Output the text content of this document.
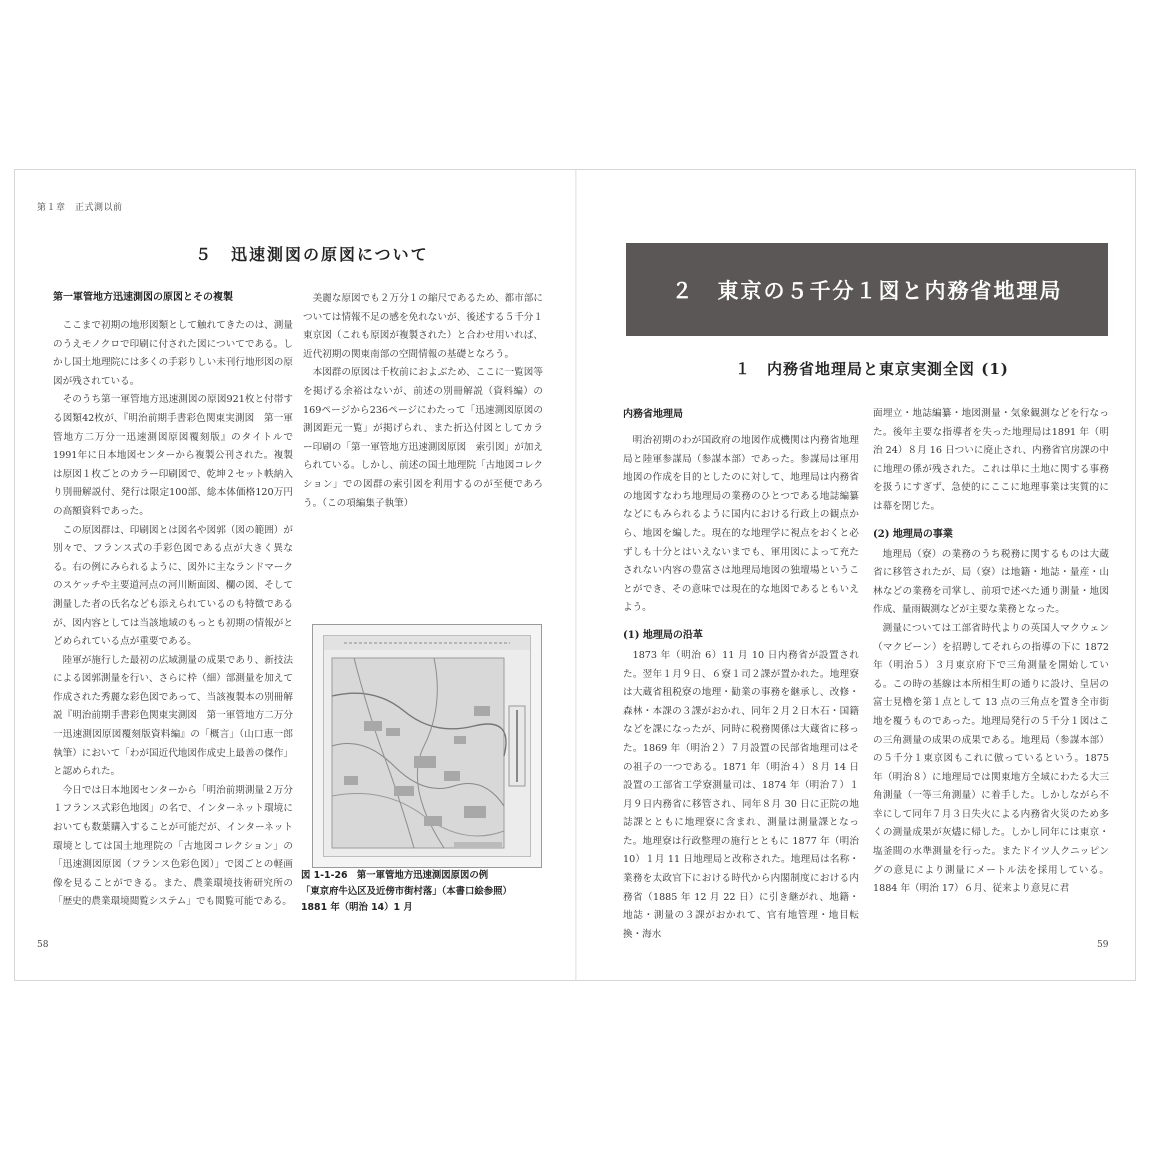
第１章　正式測以前
５　迅速測図の原図について
第一軍管地方迅速測図の原図とその複製

ここまで初期の地形図類として触れてきたのは、測量のうえモノクロで印刷に付された図についてである。しかし国土地理院には多くの手彩りしい未刊行地形図の原図が残されている。

そのうち第一軍管地方迅速測図の原図921枚と付帯する図類42枚が、『明治前期手書彩色関東実測図　第一軍管地方二万分一迅速測図原図覆刻版』のタイトルで1991年に日本地図センターから複製公刊された。複製は原図１枚ごとのカラー印刷図で、乾坤２セット帙納入り別冊解説付、発行は限定100部、総本体価格120万円の高額資料であった。

この原図群は、印刷図とは図名や図郭（図の範囲）が別々で、フランス式の手彩色図である点が大きく異なる。右の例にみられるように、図外に主なランドマークのスケッチや主要道河点の河川断面図、欄の図、そして測量した者の氏名なども添えられているのも特徴であるが、図内容としては当該地域のもっとも初期の情報がとどめられている点が重要である。

陸軍が施行した最初の広域測量の成果であり、新技法による図郭測量を行い、さらに枠（細）部測量を加えて作成された秀麗な彩色図であって、当該複製本の別冊解説『明治前期手書彩色関東実測図　第一軍管地方二万分一迅速測図原図覆刻版資料編』の「概言」（山口恵一郎執筆）において「わが国近代地図作成史上最善の傑作」と認められた。

今日では日本地図センターから「明治前期測量２万分１フランス式彩色地図」の名で、インターネット環境においても数葉購入することが可能だが、インターネット環境としては国土地理院の「古地図コレクション」の「迅速測図原図（フランス色彩色図）」で図ごとの軽画像を見ることができる。また、農業環境技術研究所の「歴史的農業環境閲覧システム」でも閲覧可能である。

美麗な原図でも２万分１の縮尺であるため、都市部については情報不足の感を免れないが、後述する５千分１東京図（これも原図が複製された）と合わせ用いれば、近代初期の関東南部の空間情報の基礎となろう。

本図群の原図は千枚前におよぶため、ここに一覧図等を掲げる余裕はないが、前述の別冊解説（資料編）の169ページから236ページにわたって「迅速測図原図の測図距元一覧」が掲げられ、また折込付図としてカラー印刷の「第一軍管地方迅速測図原図　索引図」が加えられている。しかし、前述の国土地理院「古地図コレクション」での図群の索引図を利用するのが至便であろう。（この項編集子執筆）

図 1-1-26　第一軍管地方迅速測図原図の例
「東京府牛込区及近傍市街村落」（本書口絵参照）
1881 年（明治 14）1 月
58
２　東京の５千分１図と内務省地理局
１　内務省地理局と東京実測全図 (1)
内務省地理局

明治初期のわが国政府の地図作成機関は内務省地理局と陸軍参謀局（参謀本部）であった。参謀局は軍用地図の作成を目的としたのに対して、地理局は内務省の地図すなわち地理局の業務のひとつである地誌編纂などにもみられるように国内における行政上の観点から、地図を編した。現在的な地理学に視点をおくと必ずしも十分とはいえないまでも、軍用図によって充たされない内容の豊富さは地理局地図の独壇場ということができ、その意味では現在的な地図であるともいえよう。

(1) 地理局の沿革

1873 年（明治 6）11 月 10 日内務省が設置された。翌年１月９日、６寮１司２課が置かれた。地理寮は大蔵省租税寮の地理・勧業の事務を継承し、改修・森林・本課の３課がおかれ、同年２月２日木石・国籍などを課になったが、同時に税務関係は大蔵省に移った。1869 年（明治２）７月設置の民部省地理司はその祖子の一つである。1871 年（明治４）８月 14 日設置の工部省工学寮測量司は、1874 年（明治７）１月９日内務省に移管され、同年８月 30 日に正院の地誌課とともに地理寮に含まれ、測量は測量課となった。地理寮は行政整理の施行とともに 1877 年（明治 10）１月 11 日地理局と改称された。地理局は名称・業務を太政官下における時代から内閣制度における内務省（1885 年 12 月 22 日）に引き継がれ、地籍・地誌・測量の３課がおかれて、官有地管理・地目転換・海水

面埋立・地誌編纂・地図測量・気象観測などを行なった。後年主要な指導者を失った地理局は1891 年（明治 24）８月 16 日ついに廃止され、内務省官房課の中に地理の係が残された。これは単に土地に関する事務を扱うにすぎず、急使的にここに地理事業は実質的には幕を閉じた。

(2) 地理局の事業

地理局（寮）の業務のうち税務に関するものは大蔵省に移管されたが、局（寮）は地籍・地誌・量産・山林などの業務を司掌し、前項で述べた通り測量・地図作成、量雨観測などが主要な業務となった。

測量については工部省時代よりの英国人マクウェン（マクビーン）を招聘してそれらの指導の下に 1872 年（明治５）３月東京府下で三角測量を開始している。この時の基線は本所相生町の通りに設け、皇居の富士見櫓を第１点として 13 点の三角点を置き全市街地を覆うものであった。地理局発行の５千分１図はこの三角測量の成果の成果である。地理局（参謀本部）の５千分１東京図もこれに倣っているという。1875 年（明治８）に地理局では関東地方全域にわたる大三角測量（一等三角測量）に着手した。しかしながら不幸にして同年７月３日失火による内務省火災のため多くの測量成果が灰燼に帰した。しかし同年には東京・塩釜間の水準測量を行った。またドイツ人クニッピングの意見により測量にメートル法を採用している。1884 年（明治 17）６月、従来より意見に君

59
